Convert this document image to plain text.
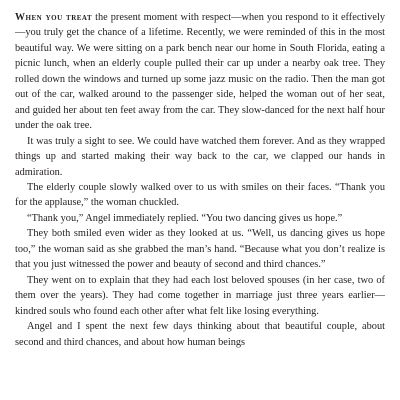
When you treat the present moment with respect—when you respond to it effectively—you truly get the chance of a lifetime. Recently, we were reminded of this in the most beautiful way. We were sitting on a park bench near our home in South Florida, eating a picnic lunch, when an elderly couple pulled their car up under a nearby oak tree. They rolled down the windows and turned up some jazz music on the radio. Then the man got out of the car, walked around to the passenger side, helped the woman out of her seat, and guided her about ten feet away from the car. They slow-danced for the next half hour under the oak tree.

It was truly a sight to see. We could have watched them forever. And as they wrapped things up and started making their way back to the car, we clapped our hands in admiration.

The elderly couple slowly walked over to us with smiles on their faces. “Thank you for the applause,” the woman chuckled.

“Thank you,” Angel immediately replied. “You two dancing gives us hope.”

They both smiled even wider as they looked at us. “Well, us dancing gives us hope too,” the woman said as she grabbed the man’s hand. “Because what you don’t realize is that you just witnessed the power and beauty of second and third chances.”

They went on to explain that they had each lost beloved spouses (in her case, two of them over the years). They had come together in marriage just three years earlier—kindred souls who found each other after what felt like losing everything.

Angel and I spent the next few days thinking about that beautiful couple, about second and third chances, and about how human beings
